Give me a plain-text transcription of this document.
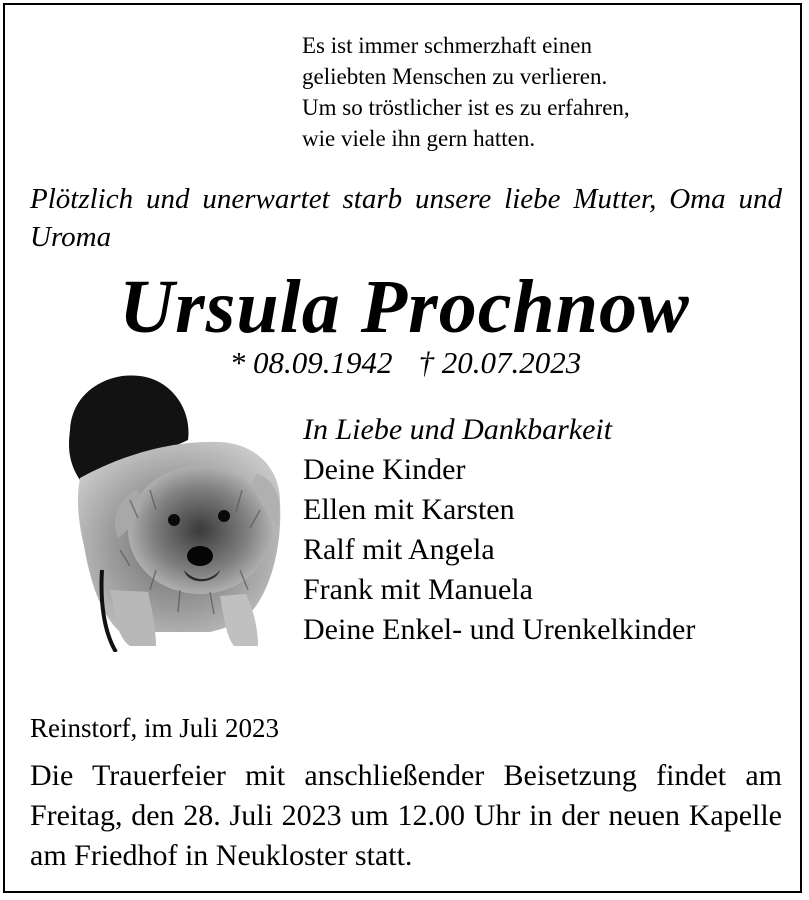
Es ist immer schmerzhaft einen
geliebten Menschen zu verlieren.
Um so tröstlicher ist es zu erfahren,
wie viele ihn gern hatten.
Plötzlich und unerwartet starb unsere liebe Mutter, Oma und Uroma
Ursula Prochnow
* 08.09.1942 † 20.07.2023
In Liebe und Dankbarkeit
Deine Kinder
Ellen mit Karsten
Ralf mit Angela
Frank mit Manuela
Deine Enkel- und Urenkelkinder
Reinstorf, im Juli 2023
Die Trauerfeier mit anschließender Beisetzung findet am Freitag, den 28. Juli 2023 um 12.00 Uhr in der neuen Kapelle am Friedhof in Neukloster statt.
